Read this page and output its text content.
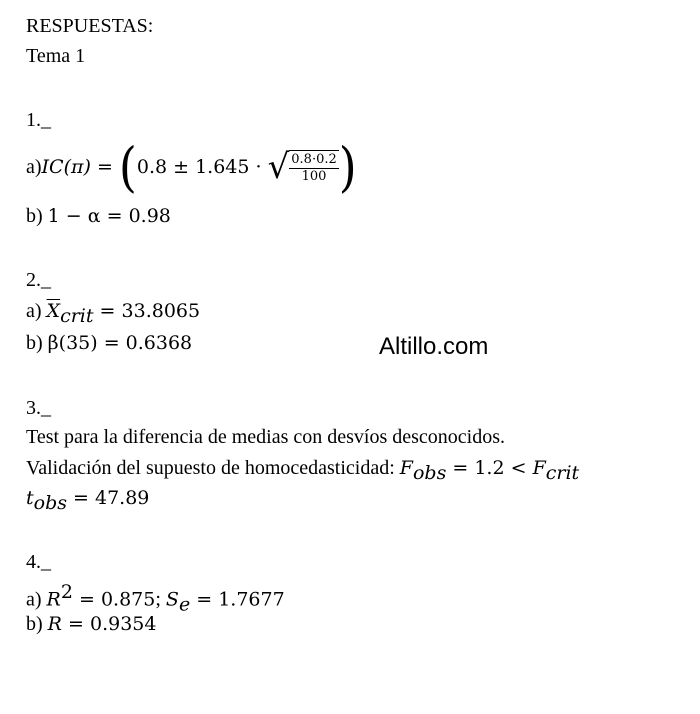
RESPUESTAS:
Tema 1
1._
a) IC(π) = ( 0.8 ± 1.645 · √ $\frac{0.8\cdot 0.2}{100}$ )
b) 1 − α = 0.98
2._
a) $\overline{X}_{crit} = 33.8065$
b) β(35) = 0.6368	Altillo.com
3._
Test para la diferencia de medias con desvíos desconocidos.
Validación del supuesto de homocedasticidad: $F_{obs} = 1.2 < F_{crit}$
$t_{obs} = 47.89$
4._
a) $R^2 = 0.875$; $S_e = 1.7677$
b) R = 0.9354
